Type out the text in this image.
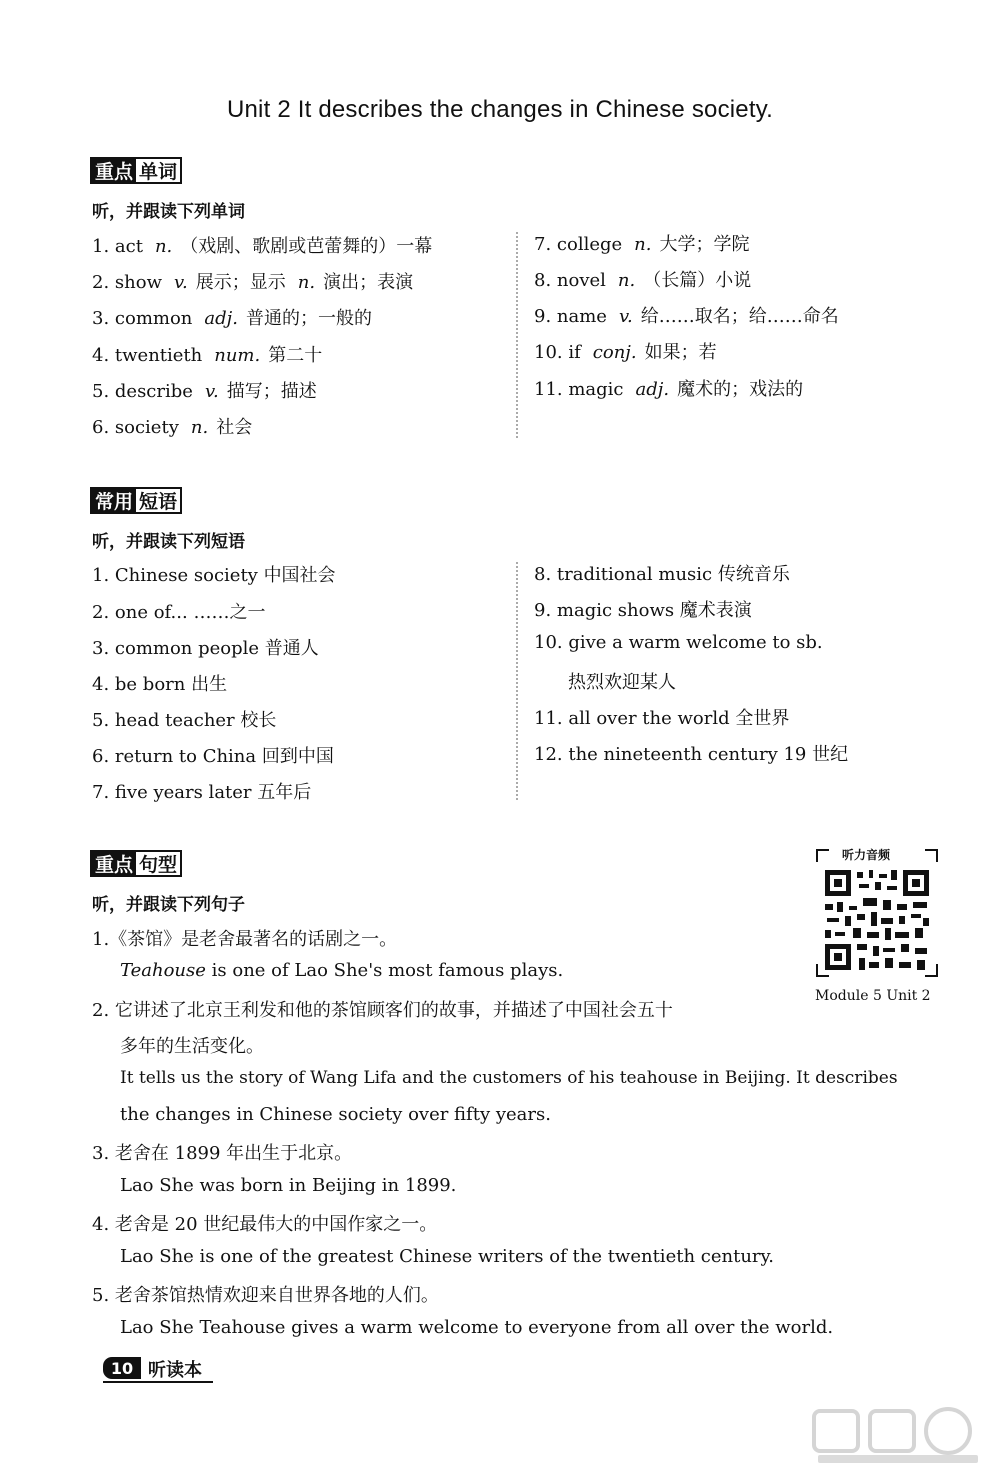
Unit 2 It describes the changes in Chinese society.
重点 单词
听，并跟读下列单词
1. act n. （戏剧、歌剧或芭蕾舞的）一幕
2. show v. 展示；显示 n. 演出；表演
3. common adj. 普通的；一般的
4. twentieth num. 第二十
5. describe v. 描写；描述
6. society n. 社会
7. college n. 大学；学院
8. novel n. （长篇）小说
9. name v. 给……取名；给……命名
10. if conj. 如果；若
11. magic adj. 魔术的；戏法的
常用 短语
听，并跟读下列短语
1. Chinese society 中国社会
2. one of... ……之一
3. common people 普通人
4. be born 出生
5. head teacher 校长
6. return to China 回到中国
7. five years later 五年后
8. traditional music 传统音乐
9. magic shows 魔术表演
10. give a warm welcome to sb.
热烈欢迎某人
11. all over the world 全世界
12. the nineteenth century 19 世纪
重点 句型
听，并跟读下列句子
听力音频
Module 5 Unit 2
1.《茶馆》是老舍最著名的话剧之一。
Teahouse is one of Lao She's most famous plays.
2. 它讲述了北京王利发和他的茶馆顾客们的故事，并描述了中国社会五十
多年的生活变化。
It tells us the story of Wang Lifa and the customers of his teahouse in Beijing. It describes
the changes in Chinese society over fifty years.
3. 老舍在 1899 年出生于北京。
Lao She was born in Beijing in 1899.
4. 老舍是 20 世纪最伟大的中国作家之一。
Lao She is one of the greatest Chinese writers of the twentieth century.
5. 老舍茶馆热情欢迎来自世界各地的人们。
Lao She Teahouse gives a warm welcome to everyone from all over the world.
10 听读本
